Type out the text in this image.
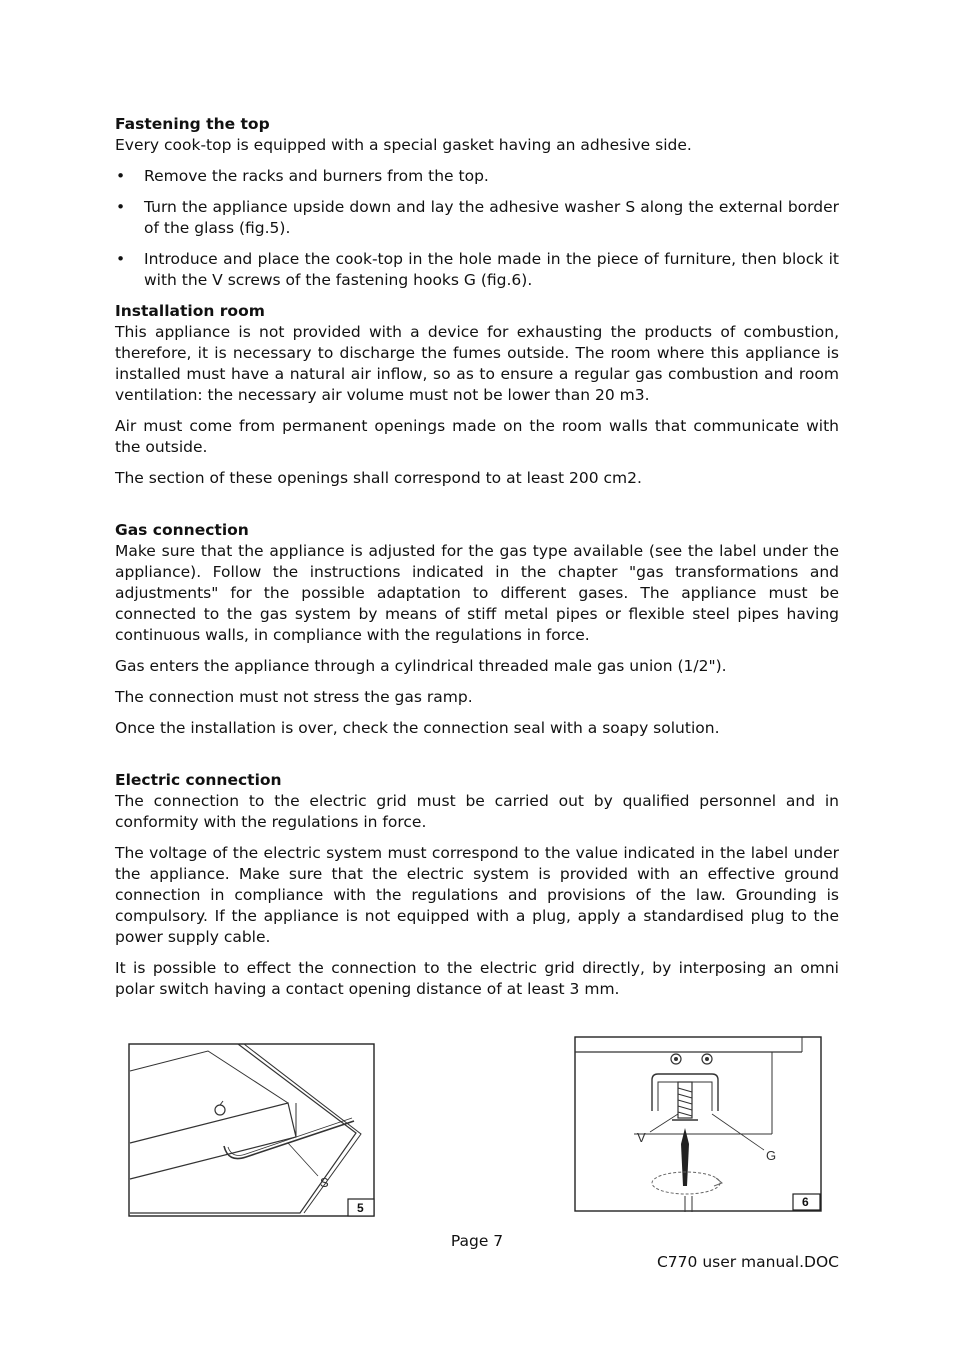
Fastening the top

Every cook-top is equipped with a special gasket having an adhesive side.

• Remove the racks and burners from the top.
• Turn the appliance upside down and lay the adhesive washer S along the external border of the glass (fig.5).
• Introduce and place the cook-top in the hole made in the piece of furniture, then block it with the V screws of the fastening hooks G (fig.6).
Installation room

This appliance is not provided with a device for exhausting the products of combustion, therefore, it is necessary to discharge the fumes outside. The room where this appliance is installed must have a natural air inflow, so as to ensure a regular gas combustion and room ventilation: the necessary air volume must not be lower than 20 m3.

Air must come from permanent openings made on the room walls that communicate with the outside.

The section of these openings shall correspond to at least 200 cm2.

Gas connection

Make sure that the appliance is adjusted for the gas type available (see the label under the appliance). Follow the instructions indicated in the chapter "gas transformations and adjustments" for the possible adaptation to different gases. The appliance must be connected to the gas system by means of stiff metal pipes or flexible steel pipes having continuous walls, in compliance with the regulations in force.

Gas enters the appliance through a cylindrical threaded male gas union (1/2").

The connection must not stress the gas ramp.

Once the installation is over, check the connection seal with a soapy solution.

Electric connection

The connection to the electric grid must be carried out by qualified personnel and in conformity with the regulations in force.

The voltage of the electric system must correspond to the value indicated in the label under the appliance. Make sure that the electric system is provided with an effective ground connection in compliance with the regulations and provisions of the law. Grounding is compulsory. If the appliance is not equipped with a plug, apply a standardised plug to the power supply cable.

It is possible to effect the connection to the electric grid directly, by interposing an omni polar switch having a contact opening distance of at least 3 mm.

S
5
V
G
6
Page 7
C770 user manual.DOC
